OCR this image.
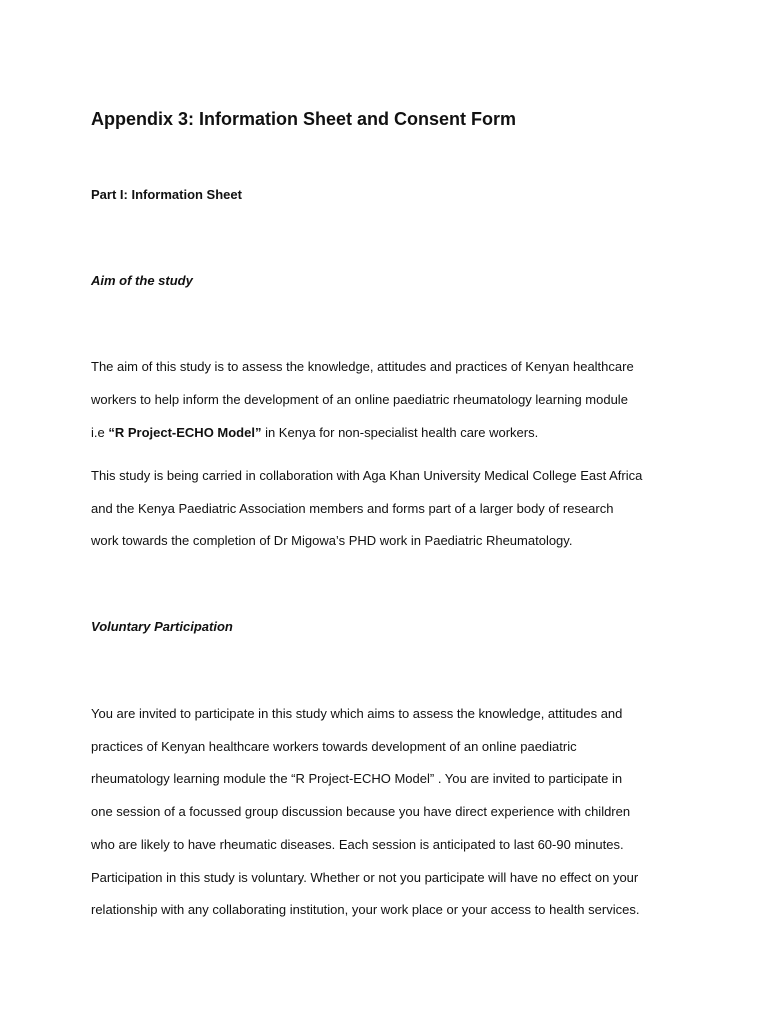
Appendix 3: Information Sheet and Consent Form
Part I: Information Sheet
Aim of the study
The aim of this study is to assess the knowledge, attitudes and practices of Kenyan healthcare
workers to help inform the development of an online paediatric rheumatology learning module
i.e “R Project-ECHO Model” in Kenya for non-specialist health care workers.
This study is being carried in collaboration with Aga Khan University Medical College East Africa
and the Kenya Paediatric Association members and forms part of a larger body of research
work towards the completion of Dr Migowa’s PHD work in Paediatric Rheumatology.
Voluntary Participation
You are invited to participate in this study which aims to assess the knowledge, attitudes and
practices of Kenyan healthcare workers towards development of an online paediatric
rheumatology learning module the “R Project-ECHO Model” . You are invited to participate in
one session of a focussed group discussion because you have direct experience with children
who are likely to have rheumatic diseases. Each session is anticipated to last 60-90 minutes.
Participation in this study is voluntary. Whether or not you participate will have no effect on your
relationship with any collaborating institution, your work place or your access to health services.
